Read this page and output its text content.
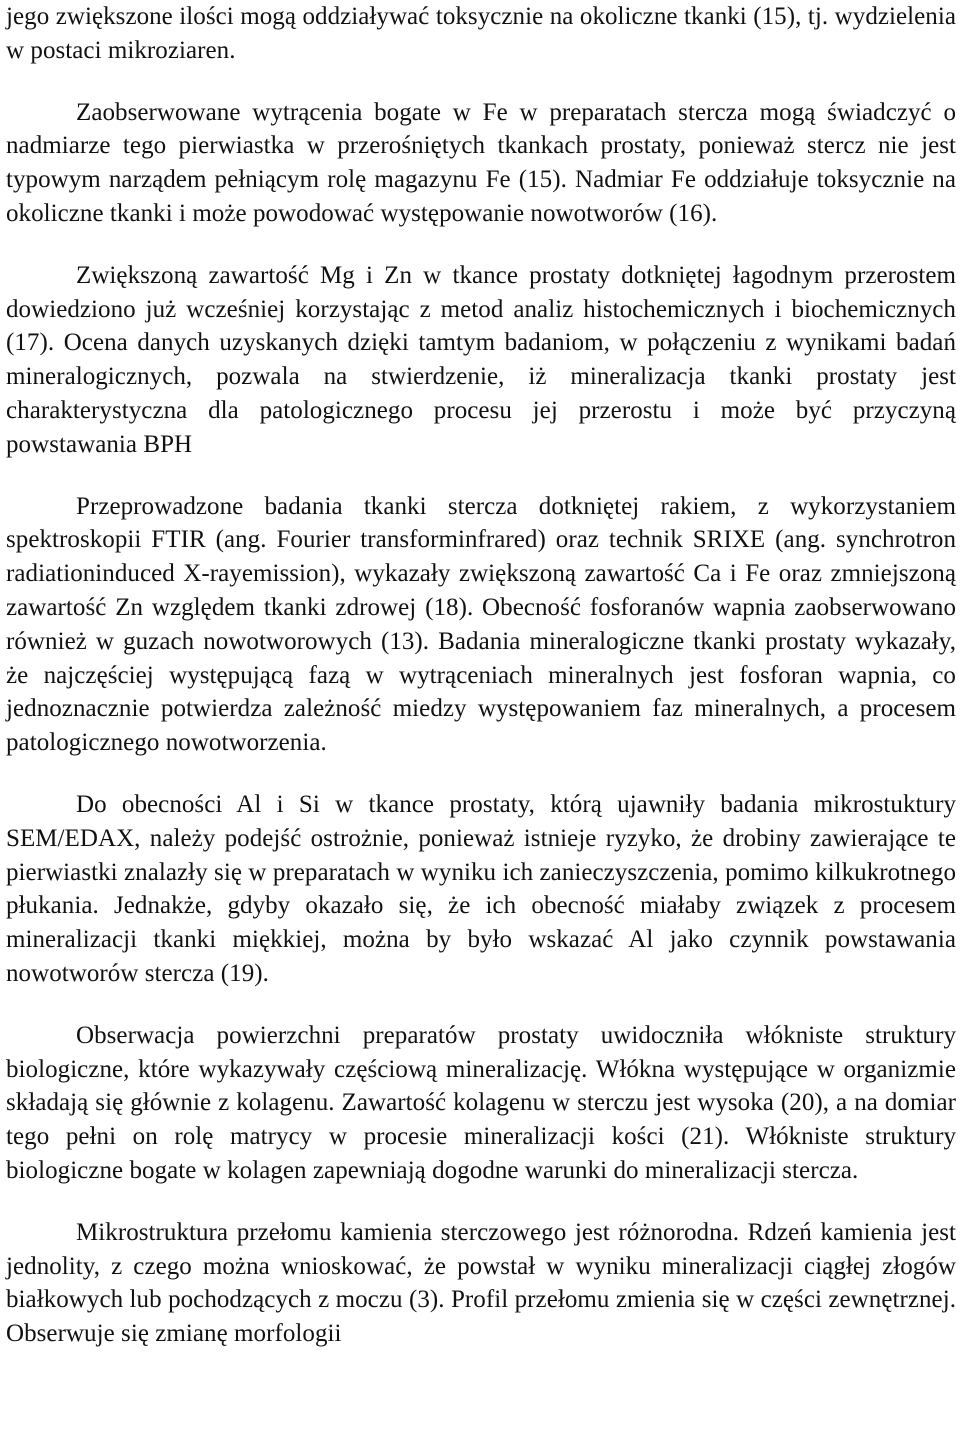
jego zwiększone ilości mogą oddziaływać toksycznie na okoliczne tkanki (15), tj. wydzielenia w postaci mikroziaren.

Zaobserwowane wytrącenia bogate w Fe w preparatach stercza mogą świadczyć o nadmiarze tego pierwiastka w przerośniętych tkankach prostaty, ponieważ stercz nie jest typowym narządem pełniącym rolę magazynu Fe (15). Nadmiar Fe oddziałuje toksycznie na okoliczne tkanki i może powodować występowanie nowotworów (16).

Zwiększoną zawartość Mg i Zn w tkance prostaty dotkniętej łagodnym przerostem dowiedziono już wcześniej korzystając z metod analiz histochemicznych i biochemicznych (17). Ocena danych uzyskanych dzięki tamtym badaniom, w połączeniu z wynikami badań mineralogicznych, pozwala na stwierdzenie, iż mineralizacja tkanki prostaty jest charakterystyczna dla patologicznego procesu jej przerostu i może być przyczyną powstawania BPH

Przeprowadzone badania tkanki stercza dotkniętej rakiem, z wykorzystaniem spektroskopii FTIR (ang. Fourier transforminfrared) oraz technik SRIXE (ang. synchrotron radiationinduced X-rayemission), wykazały zwiększoną zawartość Ca i Fe oraz zmniejszoną zawartość Zn względem tkanki zdrowej (18). Obecność fosforanów wapnia zaobserwowano również w guzach nowotworowych (13). Badania mineralogiczne tkanki prostaty wykazały, że najczęściej występującą fazą w wytrąceniach mineralnych jest fosforan wapnia, co jednoznacznie potwierdza zależność miedzy występowaniem faz mineralnych, a procesem patologicznego nowotworzenia.

Do obecności Al i Si w tkance prostaty, którą ujawniły badania mikrostuktury SEM/EDAX, należy podejść ostrożnie, ponieważ istnieje ryzyko, że drobiny zawierające te pierwiastki znalazły się w preparatach w wyniku ich zanieczyszczenia, pomimo kilkukrotnego płukania. Jednakże, gdyby okazało się, że ich obecność miałaby związek z procesem mineralizacji tkanki miękkiej, można by było wskazać Al jako czynnik powstawania nowotworów stercza (19).

Obserwacja powierzchni preparatów prostaty uwidoczniła włókniste struktury biologiczne, które wykazywały częściową mineralizację. Włókna występujące w organizmie składają się głównie z kolagenu. Zawartość kolagenu w sterczu jest wysoka (20), a na domiar tego pełni on rolę matrycy w procesie mineralizacji kości (21). Włókniste struktury biologiczne bogate w kolagen zapewniają dogodne warunki do mineralizacji stercza.

Mikrostruktura przełomu kamienia sterczowego jest różnorodna. Rdzeń kamienia jest jednolity, z czego można wnioskować, że powstał w wyniku mineralizacji ciągłej złogów białkowych lub pochodzących z moczu (3). Profil przełomu zmienia się w części zewnętrznej. Obserwuje się zmianę morfologii
